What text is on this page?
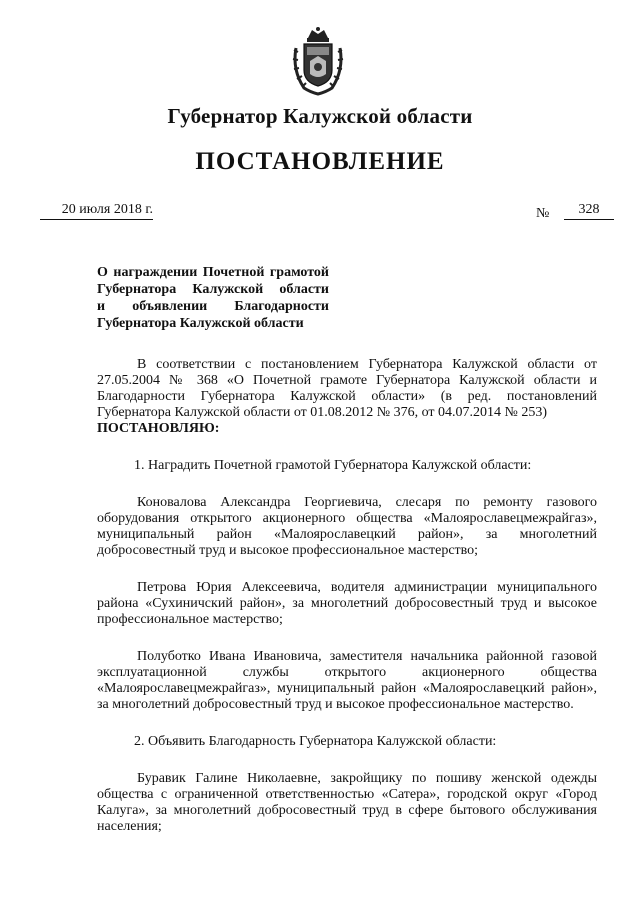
Губернатор Калужской области
ПОСТАНОВЛЕНИЕ
20 июля 2018 г.	№	328
О награждении Почетной грамотой
Губернатора Калужской области
и объявлении Благодарности
Губернатора Калужской области

В соответствии с постановлением Губернатора Калужской области от 27.05.2004 № 368 «О Почетной грамоте Губернатора Калужской области и Благодарности Губернатора Калужской области» (в ред. постановлений Губернатора Калужской области от 01.08.2012 № 376, от 04.07.2014 № 253)

ПОСТАНОВЛЯЮ:

1. Наградить Почетной грамотой Губернатора Калужской области:

Коновалова Александра Георгиевича, слесаря по ремонту газового оборудования открытого акционерного общества «Малоярославецмежрайгаз», муниципальный район «Малоярославецкий район», за многолетний добросовестный труд и высокое профессиональное мастерство;

Петрова Юрия Алексеевича, водителя администрации муниципального района «Сухиничский район», за многолетний добросовестный труд и высокое профессиональное мастерство;

Полуботко Ивана Ивановича, заместителя начальника районной газовой эксплуатационной службы открытого акционерного общества «Малоярославецмежрайгаз», муниципальный район «Малоярославецкий район», за многолетний добросовестный труд и высокое профессиональное мастерство.

2. Объявить Благодарность Губернатора Калужской области:

Буравик Галине Николаевне, закройщику по пошиву женской одежды общества с ограниченной ответственностью «Сатера», городской округ «Город Калуга», за многолетний добросовестный труд в сфере бытового обслуживания населения;
